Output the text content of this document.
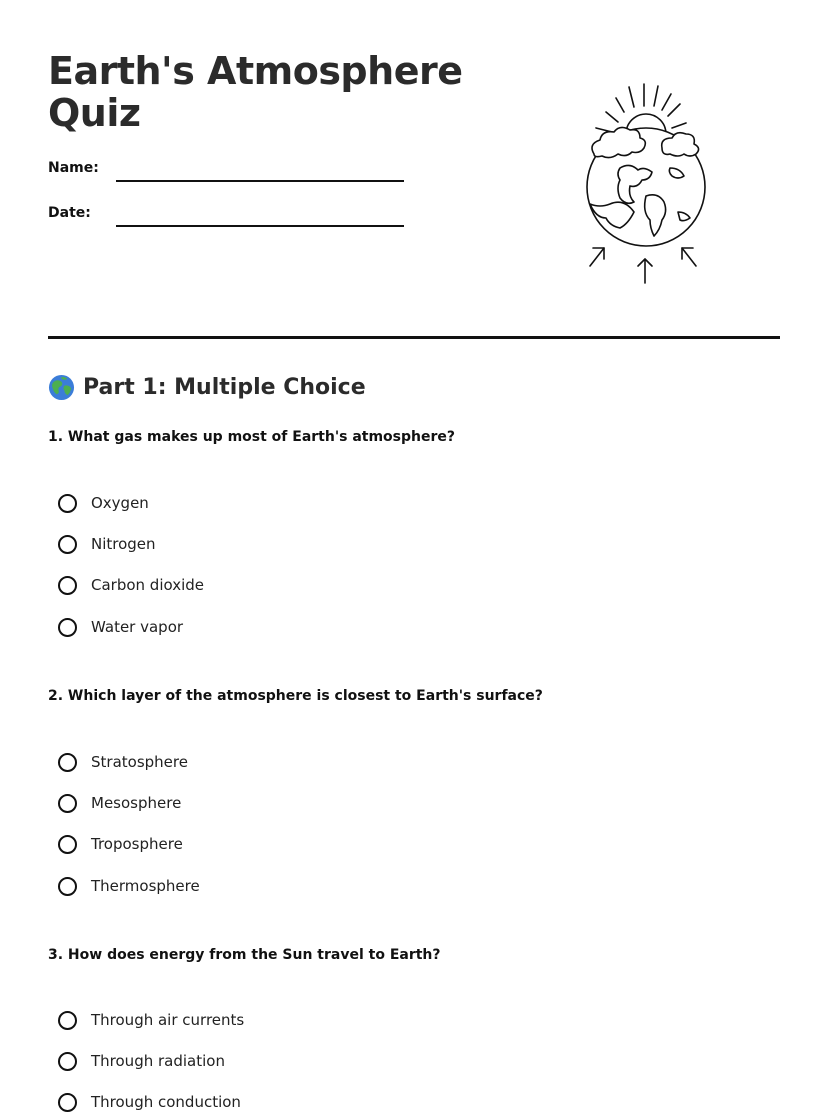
Earth's Atmosphere
Quiz
Name:
Date:
Part 1: Multiple Choice

1. What gas makes up most of Earth's atmosphere?

Oxygen
Nitrogen
Carbon dioxide
Water vapor

2. Which layer of the atmosphere is closest to Earth's surface?

Stratosphere
Mesosphere
Troposphere
Thermosphere

3. How does energy from the Sun travel to Earth?

Through air currents
Through radiation
Through conduction
